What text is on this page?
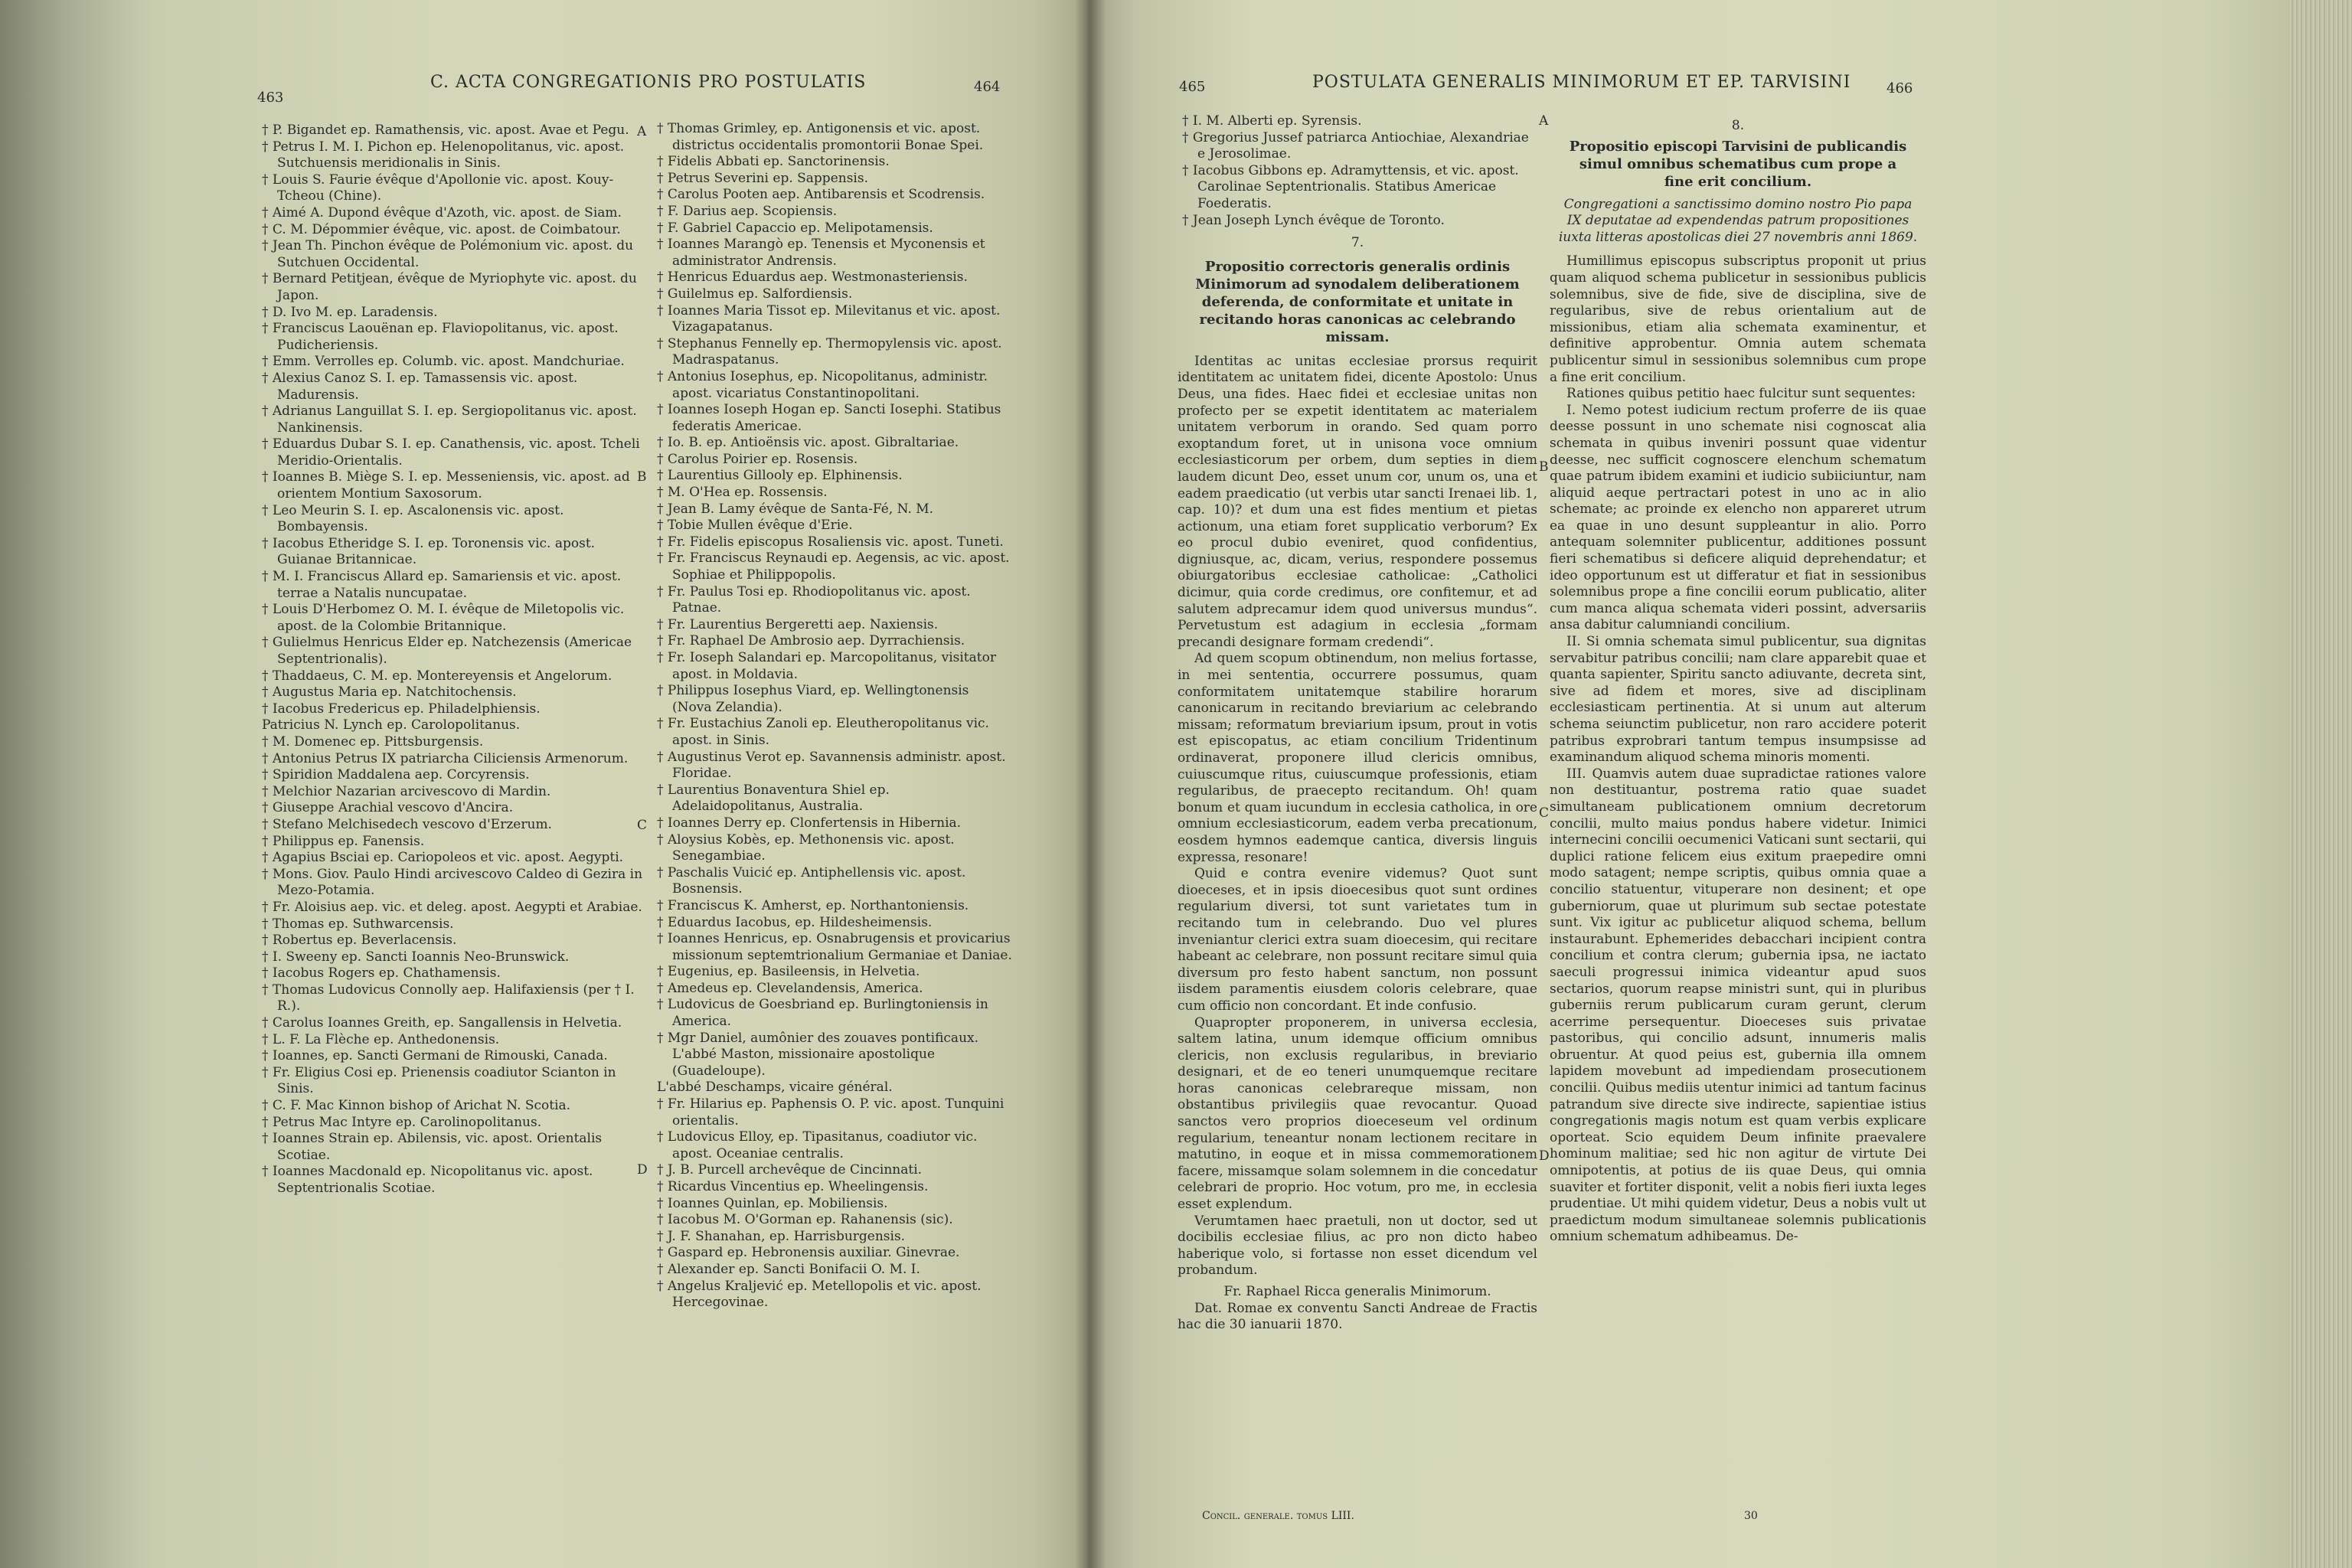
463
C. ACTA CONGREGATIONIS PRO POSTULATIS	464

† P. Bigandet ep. Ramathensis, vic. apost. Avae et Pegu.

† Petrus I. M. I. Pichon ep. Helenopolitanus, vic. apost. Sutchuensis meridionalis in Sinis.

† Louis S. Faurie évêque d'Apollonie vic. apost. Kouy-Tcheou (Chine).

† Aimé A. Dupond évêque d'Azoth, vic. apost. de Siam.

† C. M. Dépommier évêque, vic. apost. de Coimbatour.

† Jean Th. Pinchon évêque de Polémonium vic. apost. du Sutchuen Occidental.

† Bernard Petitjean, évêque de Myriophyte vic. apost. du Japon.

† D. Ivo M. ep. Laradensis.

† Franciscus Laouënan ep. Flaviopolitanus, vic. apost. Pudicheriensis.

† Emm. Verrolles ep. Columb. vic. apost. Mandchuriae.

† Alexius Canoz S. I. ep. Tamassensis vic. apost. Madurensis.

† Adrianus Languillat S. I. ep. Sergiopolitanus vic. apost. Nankinensis.

† Eduardus Dubar S. I. ep. Canathensis, vic. apost. Tcheli Meridio-Orientalis.

† Ioannes B. Miège S. I. ep. Messeniensis, vic. apost. ad orientem Montium Saxosorum.

† Leo Meurin S. I. ep. Ascalonensis vic. apost. Bombayensis.

† Iacobus Etheridge S. I. ep. Toronensis vic. apost. Guianae Britannicae.

† M. I. Franciscus Allard ep. Samariensis et vic. apost. terrae a Natalis nuncupatae.

† Louis D'Herbomez O. M. I. évêque de Miletopolis vic. apost. de la Colombie Britannique.

† Gulielmus Henricus Elder ep. Natchezensis (Americae Septentrionalis).

† Thaddaeus, C. M. ep. Montereyensis et Angelorum.

† Augustus Maria ep. Natchitochensis.

† Iacobus Fredericus ep. Philadelphiensis.

Patricius N. Lynch ep. Carolopolitanus.

† M. Domenec ep. Pittsburgensis.

† Antonius Petrus IX patriarcha Ciliciensis Armenorum.

† Spiridion Maddalena aep. Corcyrensis.

† Melchior Nazarian arcivescovo di Mardin.

† Giuseppe Arachial vescovo d'Ancira.

† Stefano Melchisedech vescovo d'Erzerum.

† Philippus ep. Fanensis.

† Agapius Bsciai ep. Cariopoleos et vic. apost. Aegypti.

† Mons. Giov. Paulo Hindi arcivescovo Caldeo di Gezira in Mezo-Potamia.

† Fr. Aloisius aep. vic. et deleg. apost. Aegypti et Arabiae.

† Thomas ep. Suthwarcensis.

† Robertus ep. Beverlacensis.

† I. Sweeny ep. Sancti Ioannis Neo-Brunswick.

† Iacobus Rogers ep. Chathamensis.

† Thomas Ludovicus Connolly aep. Halifaxiensis (per † I. R.).

† Carolus Ioannes Greith, ep. Sangallensis in Helvetia.

† L. F. La Flèche ep. Anthedonensis.

† Ioannes, ep. Sancti Germani de Rimouski, Canada.

† Fr. Eligius Cosi ep. Prienensis coadiutor Scianton in Sinis.

† C. F. Mac Kinnon bishop of Arichat N. Scotia.

† Petrus Mac Intyre ep. Carolinopolitanus.

† Ioannes Strain ep. Abilensis, vic. apost. Orientalis Scotiae.

† Ioannes Macdonald ep. Nicopolitanus vic. apost. Septentrionalis Scotiae.

† Thomas Grimley, ep. Antigonensis et vic. apost. districtus occidentalis promontorii Bonae Spei.

† Fidelis Abbati ep. Sanctorinensis.

† Petrus Severini ep. Sappensis.

† Carolus Pooten aep. Antibarensis et Scodrensis.

† F. Darius aep. Scopiensis.

† F. Gabriel Capaccio ep. Melipotamensis.

† Ioannes Marangò ep. Tenensis et Myconensis et administrator Andrensis.

† Henricus Eduardus aep. Westmonasteriensis.

† Guilelmus ep. Salfordiensis.

† Ioannes Maria Tissot ep. Milevitanus et vic. apost. Vizagapatanus.

† Stephanus Fennelly ep. Thermopylensis vic. apost. Madraspatanus.

† Antonius Iosephus, ep. Nicopolitanus, administr. apost. vicariatus Constantinopolitani.

† Ioannes Ioseph Hogan ep. Sancti Iosephi. Statibus federatis Americae.

† Io. B. ep. Antioënsis vic. apost. Gibraltariae.

† Carolus Poirier ep. Rosensis.

† Laurentius Gillooly ep. Elphinensis.

† M. O'Hea ep. Rossensis.

† Jean B. Lamy évêque de Santa-Fé, N. M.

† Tobie Mullen évêque d'Erie.

† Fr. Fidelis episcopus Rosaliensis vic. apost. Tuneti.

† Fr. Franciscus Reynaudi ep. Aegensis, ac vic. apost. Sophiae et Philippopolis.

† Fr. Paulus Tosi ep. Rhodiopolitanus vic. apost. Patnae.

† Fr. Laurentius Bergeretti aep. Naxiensis.

† Fr. Raphael De Ambrosio aep. Dyrrachiensis.

† Fr. Ioseph Salandari ep. Marcopolitanus, visitator apost. in Moldavia.

† Philippus Iosephus Viard, ep. Wellingtonensis (Nova Zelandia).

† Fr. Eustachius Zanoli ep. Eleutheropolitanus vic. apost. in Sinis.

† Augustinus Verot ep. Savannensis administr. apost. Floridae.

† Laurentius Bonaventura Shiel ep. Adelaidopolitanus, Australia.

† Ioannes Derry ep. Clonfertensis in Hibernia.

† Aloysius Kobès, ep. Methonensis vic. apost. Senegambiae.

† Paschalis Vuicić ep. Antiphellensis vic. apost. Bosnensis.

† Franciscus K. Amherst, ep. Northantoniensis.

† Eduardus Iacobus, ep. Hildesheimensis.

† Ioannes Henricus, ep. Osnabrugensis et provicarius missionum septemtrionalium Germaniae et Daniae.

† Eugenius, ep. Basileensis, in Helvetia.

† Amedeus ep. Clevelandensis, America.

† Ludovicus de Goesbriand ep. Burlingtoniensis in America.

† Mgr Daniel, aumônier des zouaves pontificaux. L'abbé Maston, missionaire apostolique (Guadeloupe).

L'abbé Deschamps, vicaire général.

† Fr. Hilarius ep. Paphensis O. P. vic. apost. Tunquini orientalis.

† Ludovicus Elloy, ep. Tipasitanus, coadiutor vic. apost. Oceaniae centralis.

† J. B. Purcell archevêque de Cincinnati.

† Ricardus Vincentius ep. Wheelingensis.

† Ioannes Quinlan, ep. Mobiliensis.

† Iacobus M. O'Gorman ep. Rahanensis (sic).

† J. F. Shanahan, ep. Harrisburgensis.

† Gaspard ep. Hebronensis auxiliar. Ginevrae.

† Alexander ep. Sancti Bonifacii O. M. I.

† Angelus Kraljević ep. Metellopolis et vic. apost. Hercegovinae.

A
B
C
D
465	POSTULATA GENERALIS MINIMORUM ET EP. TARVISINI	466

† I. M. Alberti ep. Syrensis.

† Gregorius Jussef patriarca Antiochiae, Alexandriae e Jerosolimae.

† Iacobus Gibbons ep. Adramyttensis, et vic. apost. Carolinae Septentrionalis. Statibus Americae Foederatis.

† Jean Joseph Lynch évêque de Toronto.

7.

Propositio correctoris generalis ordinis Minimorum ad synodalem deliberationem deferenda, de conformitate et unitate in recitando horas canonicas ac celebrando missam.

Identitas ac unitas ecclesiae prorsus requirit identitatem ac unitatem fidei, dicente Apostolo: Unus Deus, una fides. Haec fidei et ecclesiae unitas non profecto per se expetit identitatem ac materialem unitatem verborum in orando. Sed quam porro exoptandum foret, ut in unisona voce omnium ecclesiasticorum per orbem, dum septies in diem laudem dicunt Deo, esset unum cor, unum os, una et eadem praedicatio (ut verbis utar sancti Irenaei lib. 1, cap. 10)? et dum una est fides mentium et pietas actionum, una etiam foret supplicatio verborum? Ex eo procul dubio eveniret, quod confidentius, digniusque, ac, dicam, verius, respondere possemus obiurgatoribus ecclesiae catholicae: „Catholici dicimur, quia corde credimus, ore confitemur, et ad salutem adprecamur idem quod universus mundus“. Pervetustum est adagium in ecclesia „formam precandi designare formam credendi“.

Ad quem scopum obtinendum, non melius fortasse, in mei sententia, occurrere possumus, quam conformitatem unitatemque stabilire horarum canonicarum in recitando breviarium ac celebrando missam; reformatum breviarium ipsum, prout in votis est episcopatus, ac etiam concilium Tridentinum ordinaverat, proponere illud clericis omnibus, cuiuscumque ritus, cuiuscumque professionis, etiam regularibus, de praecepto recitandum. Oh! quam bonum et quam iucundum in ecclesia catholica, in ore omnium ecclesiasticorum, eadem verba precationum, eosdem hymnos eademque cantica, diversis linguis expressa, resonare!

Quid e contra evenire videmus? Quot sunt dioeceses, et in ipsis dioecesibus quot sunt ordines regularium diversi, tot sunt varietates tum in recitando tum in celebrando. Duo vel plures inveniantur clerici extra suam dioecesim, qui recitare habeant ac celebrare, non possunt recitare simul quia diversum pro festo habent sanctum, non possunt iisdem paramentis eiusdem coloris celebrare, quae cum officio non concordant. Et inde confusio.

Quapropter proponerem, in universa ecclesia, saltem latina, unum idemque officium omnibus clericis, non exclusis regularibus, in breviario designari, et de eo teneri unumquemque recitare horas canonicas celebrareque missam, non obstantibus privilegiis quae revocantur. Quoad sanctos vero proprios dioeceseum vel ordinum regularium, teneantur nonam lectionem recitare in matutino, in eoque et in missa commemorationem facere, missamque solam solemnem in die concedatur celebrari de proprio. Hoc votum, pro me, in ecclesia esset explendum.

Verumtamen haec praetuli, non ut doctor, sed ut docibilis ecclesiae filius, ac pro non dicto habeo haberique volo, si fortasse non esset dicendum vel probandum.

Fr. Raphael Ricca generalis Minimorum.

Dat. Romae ex conventu Sancti Andreae de Fractis hac die 30 ianuarii 1870.

8.

Propositio episcopi Tarvisini de publicandis simul omnibus schematibus cum prope a fine erit concilium.

Congregationi a sanctissimo domino nostro Pio papa IX deputatae ad expendendas patrum propositiones iuxta litteras apostolicas diei 27 novembris anni 1869.

Humillimus episcopus subscriptus proponit ut prius quam aliquod schema publicetur in sessionibus publicis solemnibus, sive de fide, sive de disciplina, sive de regularibus, sive de rebus orientalium aut de missionibus, etiam alia schemata examinentur, et definitive approbentur. Omnia autem schemata publicentur simul in sessionibus solemnibus cum prope a fine erit concilium.

Rationes quibus petitio haec fulcitur sunt sequentes:

I. Nemo potest iudicium rectum proferre de iis quae deesse possunt in uno schemate nisi cognoscat alia schemata in quibus inveniri possunt quae videntur deesse, nec sufficit cognoscere elenchum schematum quae patrum ibidem examini et iudicio subiiciuntur, nam aliquid aeque pertractari potest in uno ac in alio schemate; ac proinde ex elencho non appareret utrum ea quae in uno desunt suppleantur in alio. Porro antequam solemniter publicentur, additiones possunt fieri schematibus si deficere aliquid deprehendatur; et ideo opportunum est ut differatur et fiat in sessionibus solemnibus prope a fine concilii eorum publicatio, aliter cum manca aliqua schemata videri possint, adversariis ansa dabitur calumniandi concilium.

II. Si omnia schemata simul publicentur, sua dignitas servabitur patribus concilii; nam clare apparebit quae et quanta sapienter, Spiritu sancto adiuvante, decreta sint, sive ad fidem et mores, sive ad disciplinam ecclesiasticam pertinentia. At si unum aut alterum schema seiunctim publicetur, non raro accidere poterit patribus exprobrari tantum tempus insumpsisse ad examinandum aliquod schema minoris momenti.

III. Quamvis autem duae supradictae rationes valore non destituantur, postrema ratio quae suadet simultaneam publicationem omnium decretorum concilii, multo maius pondus habere videtur. Inimici internecini concilii oecumenici Vaticani sunt sectarii, qui duplici ratione felicem eius exitum praepedire omni modo satagent; nempe scriptis, quibus omnia quae a concilio statuentur, vituperare non desinent; et ope guberniorum, quae ut plurimum sub sectae potestate sunt. Vix igitur ac publicetur aliquod schema, bellum instaurabunt. Ephemerides debacchari incipient contra concilium et contra clerum; gubernia ipsa, ne iactato saeculi progressui inimica videantur apud suos sectarios, quorum reapse ministri sunt, qui in pluribus guberniis rerum publicarum curam gerunt, clerum acerrime persequentur. Dioeceses suis privatae pastoribus, qui concilio adsunt, innumeris malis obruentur. At quod peius est, gubernia illa omnem lapidem movebunt ad impediendam prosecutionem concilii. Quibus mediis utentur inimici ad tantum facinus patrandum sive directe sive indirecte, sapientiae istius congregationis magis notum est quam verbis explicare oporteat. Scio equidem Deum infinite praevalere hominum malitiae; sed hic non agitur de virtute Dei omnipotentis, at potius de iis quae Deus, qui omnia suaviter et fortiter disponit, velit a nobis fieri iuxta leges prudentiae. Ut mihi quidem videtur, Deus a nobis vult ut praedictum modum simultaneae solemnis publicationis omnium schematum adhibeamus. De-

A
B
C
D
Concil. generale. tomus LIII.	30
